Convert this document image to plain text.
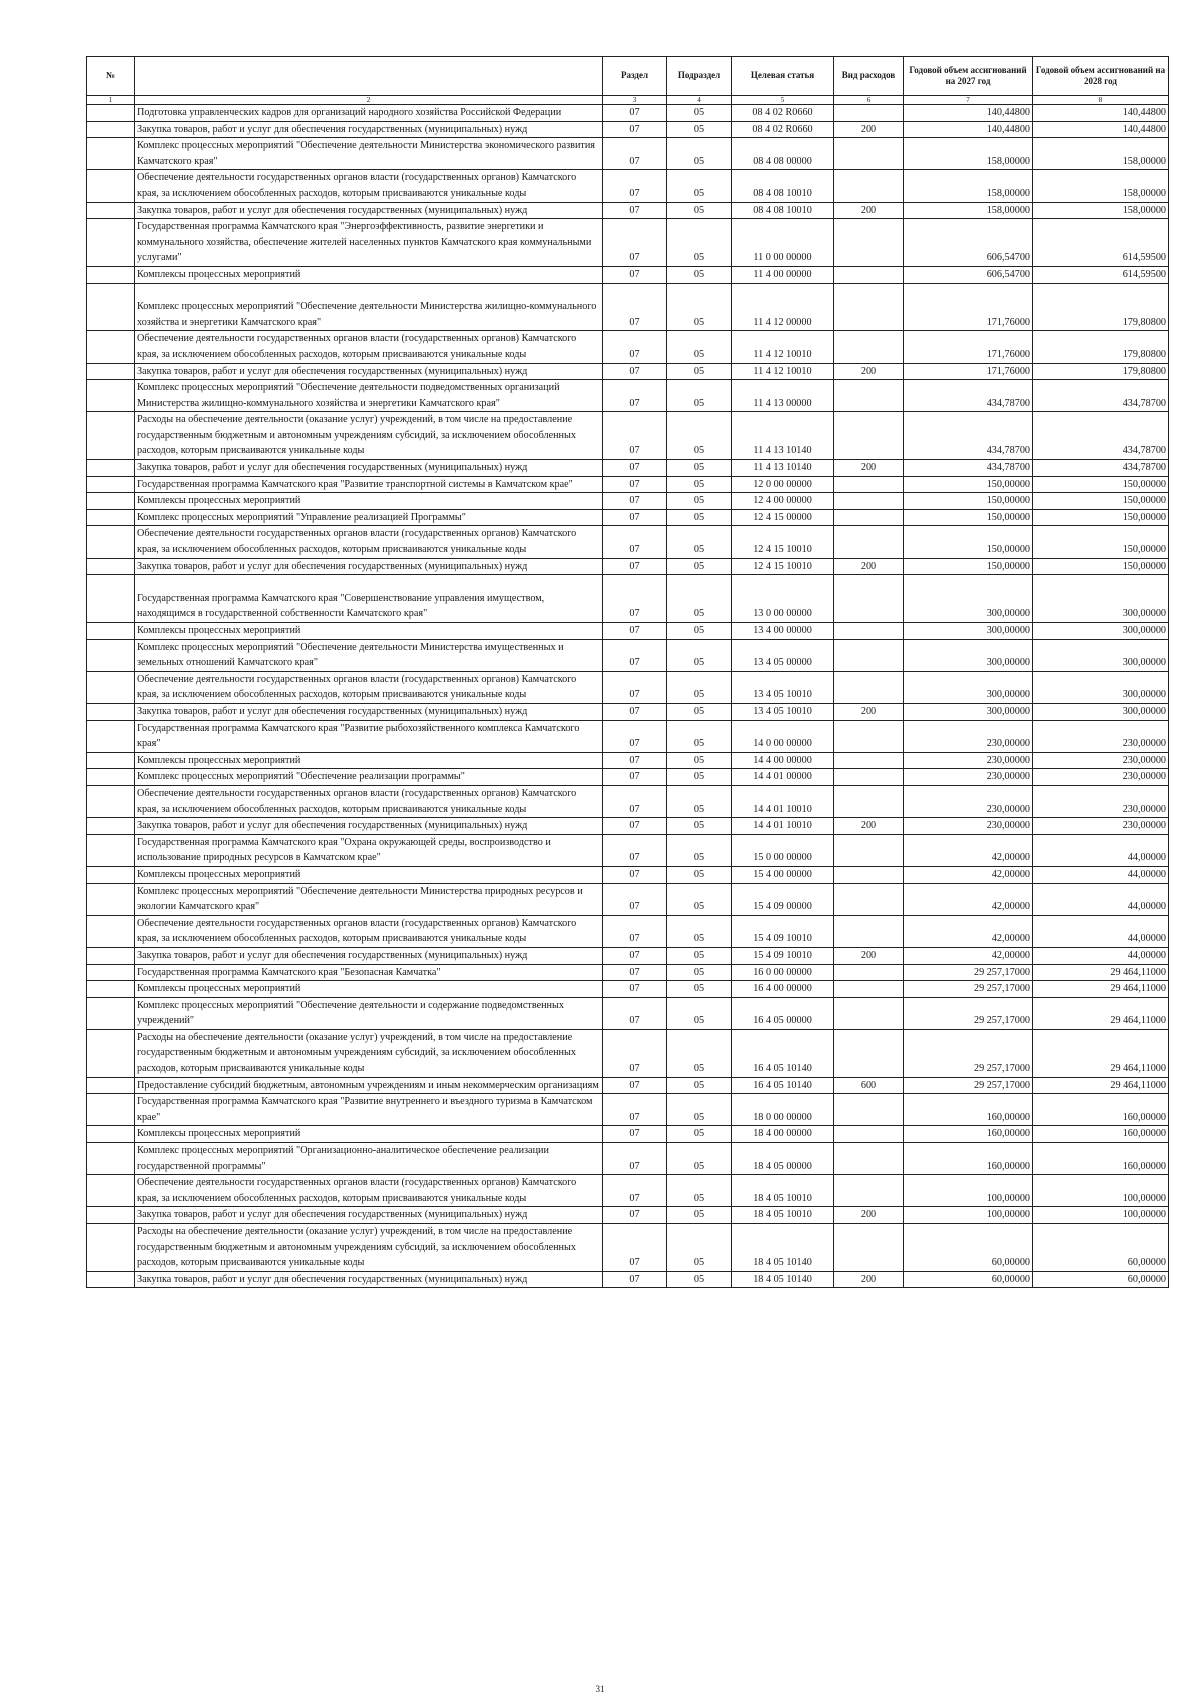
№		Раздел	Подраздел	Целевая статья	Вид расходов	Годовой объем ассигнований на 2027 год	Годовой объем ассигнований на 2028 год
1	2	3	4	5	6	7	8
	Подготовка управленческих кадров для организаций народного хозяйства Российской Федерации	07	05	08 4 02 R0660		140,44800	140,44800
	Закупка товаров, работ и услуг для обеспечения государственных (муниципальных) нужд	07	05	08 4 02 R0660	200	140,44800	140,44800
	Комплекс процессных мероприятий "Обеспечение деятельности Министерства экономического развития Камчатского края"	07	05	08 4 08 00000		158,00000	158,00000
	Обеспечение деятельности государственных органов власти (государственных органов) Камчатского края, за исключением обособленных расходов, которым присваиваются уникальные коды	07	05	08 4 08 10010		158,00000	158,00000
	Закупка товаров, работ и услуг для обеспечения государственных (муниципальных) нужд	07	05	08 4 08 10010	200	158,00000	158,00000
	Государственная программа Камчатского края "Энергоэффективность, развитие энергетики и коммунального хозяйства, обеспечение жителей населенных пунктов Камчатского края коммунальными услугами"	07	05	11 0 00 00000		606,54700	614,59500
	Комплексы процессных мероприятий	07	05	11 4 00 00000		606,54700	614,59500
	Комплекс процессных мероприятий "Обеспечение деятельности Министерства жилищно-коммунального хозяйства и энергетики Камчатского края"	07	05	11 4 12 00000		171,76000	179,80800
	Обеспечение деятельности государственных органов власти (государственных органов) Камчатского края, за исключением обособленных расходов, которым присваиваются уникальные коды	07	05	11 4 12 10010		171,76000	179,80800
	Закупка товаров, работ и услуг для обеспечения государственных (муниципальных) нужд	07	05	11 4 12 10010	200	171,76000	179,80800
	Комплекс процессных мероприятий "Обеспечение деятельности подведомственных организаций Министерства жилищно-коммунального хозяйства и энергетики Камчатского края"	07	05	11 4 13 00000		434,78700	434,78700
	Расходы на обеспечение деятельности (оказание услуг) учреждений, в том числе на предоставление государственным бюджетным и автономным учреждениям субсидий, за исключением обособленных расходов, которым присваиваются уникальные коды	07	05	11 4 13 10140		434,78700	434,78700
	Закупка товаров, работ и услуг для обеспечения государственных (муниципальных) нужд	07	05	11 4 13 10140	200	434,78700	434,78700
	Государственная программа Камчатского края "Развитие транспортной системы в Камчатском крае"	07	05	12 0 00 00000		150,00000	150,00000
	Комплексы процессных мероприятий	07	05	12 4 00 00000		150,00000	150,00000
	Комплекс процессных мероприятий "Управление реализацией Программы"	07	05	12 4 15 00000		150,00000	150,00000
	Обеспечение деятельности государственных органов власти (государственных органов) Камчатского края, за исключением обособленных расходов, которым присваиваются уникальные коды	07	05	12 4 15 10010		150,00000	150,00000
	Закупка товаров, работ и услуг для обеспечения государственных (муниципальных) нужд	07	05	12 4 15 10010	200	150,00000	150,00000
	Государственная программа Камчатского края "Совершенствование управления имуществом, находящимся в государственной собственности Камчатского края"	07	05	13 0 00 00000		300,00000	300,00000
	Комплексы процессных мероприятий	07	05	13 4 00 00000		300,00000	300,00000
	Комплекс процессных мероприятий "Обеспечение деятельности Министерства имущественных и земельных отношений Камчатского края"	07	05	13 4 05 00000		300,00000	300,00000
	Обеспечение деятельности государственных органов власти (государственных органов) Камчатского края, за исключением обособленных расходов, которым присваиваются уникальные коды	07	05	13 4 05 10010		300,00000	300,00000
	Закупка товаров, работ и услуг для обеспечения государственных (муниципальных) нужд	07	05	13 4 05 10010	200	300,00000	300,00000
	Государственная программа Камчатского края "Развитие рыбохозяйственного комплекса Камчатского края"	07	05	14 0 00 00000		230,00000	230,00000
	Комплексы процессных мероприятий	07	05	14 4 00 00000		230,00000	230,00000
	Комплекс процессных мероприятий "Обеспечение реализации программы"	07	05	14 4 01 00000		230,00000	230,00000
	Обеспечение деятельности государственных органов власти (государственных органов) Камчатского края, за исключением обособленных расходов, которым присваиваются уникальные коды	07	05	14 4 01 10010		230,00000	230,00000
	Закупка товаров, работ и услуг для обеспечения государственных (муниципальных) нужд	07	05	14 4 01 10010	200	230,00000	230,00000
	Государственная программа Камчатского края "Охрана окружающей среды, воспроизводство и использование природных ресурсов в Камчатском крае"	07	05	15 0 00 00000		42,00000	44,00000
	Комплексы процессных мероприятий	07	05	15 4 00 00000		42,00000	44,00000
	Комплекс процессных мероприятий "Обеспечение деятельности Министерства природных ресурсов и экологии Камчатского края"	07	05	15 4 09 00000		42,00000	44,00000
	Обеспечение деятельности государственных органов власти (государственных органов) Камчатского края, за исключением обособленных расходов, которым присваиваются уникальные коды	07	05	15 4 09 10010		42,00000	44,00000
	Закупка товаров, работ и услуг для обеспечения государственных (муниципальных) нужд	07	05	15 4 09 10010	200	42,00000	44,00000
	Государственная программа Камчатского края "Безопасная Камчатка"	07	05	16 0 00 00000		29 257,17000	29 464,11000
	Комплексы процессных мероприятий	07	05	16 4 00 00000		29 257,17000	29 464,11000
	Комплекс процессных мероприятий "Обеспечение деятельности и содержание подведомственных учреждений"	07	05	16 4 05 00000		29 257,17000	29 464,11000
	Расходы на обеспечение деятельности (оказание услуг) учреждений, в том числе на предоставление государственным бюджетным и автономным учреждениям субсидий, за исключением обособленных расходов, которым присваиваются уникальные коды	07	05	16 4 05 10140		29 257,17000	29 464,11000
	Предоставление субсидий бюджетным, автономным учреждениям и иным некоммерческим организациям	07	05	16 4 05 10140	600	29 257,17000	29 464,11000
	Государственная программа Камчатского края "Развитие внутреннего и въездного туризма в Камчатском крае"	07	05	18 0 00 00000		160,00000	160,00000
	Комплексы процессных мероприятий	07	05	18 4 00 00000		160,00000	160,00000
	Комплекс процессных мероприятий "Организационно-аналитическое обеспечение реализации государственной программы"	07	05	18 4 05 00000		160,00000	160,00000
	Обеспечение деятельности государственных органов власти (государственных органов) Камчатского края, за исключением обособленных расходов, которым присваиваются уникальные коды	07	05	18 4 05 10010		100,00000	100,00000
	Закупка товаров, работ и услуг для обеспечения государственных (муниципальных) нужд	07	05	18 4 05 10010	200	100,00000	100,00000
	Расходы на обеспечение деятельности (оказание услуг) учреждений, в том числе на предоставление государственным бюджетным и автономным учреждениям субсидий, за исключением обособленных расходов, которым присваиваются уникальные коды	07	05	18 4 05 10140		60,00000	60,00000
	Закупка товаров, работ и услуг для обеспечения государственных (муниципальных) нужд	07	05	18 4 05 10140	200	60,00000	60,00000
31
